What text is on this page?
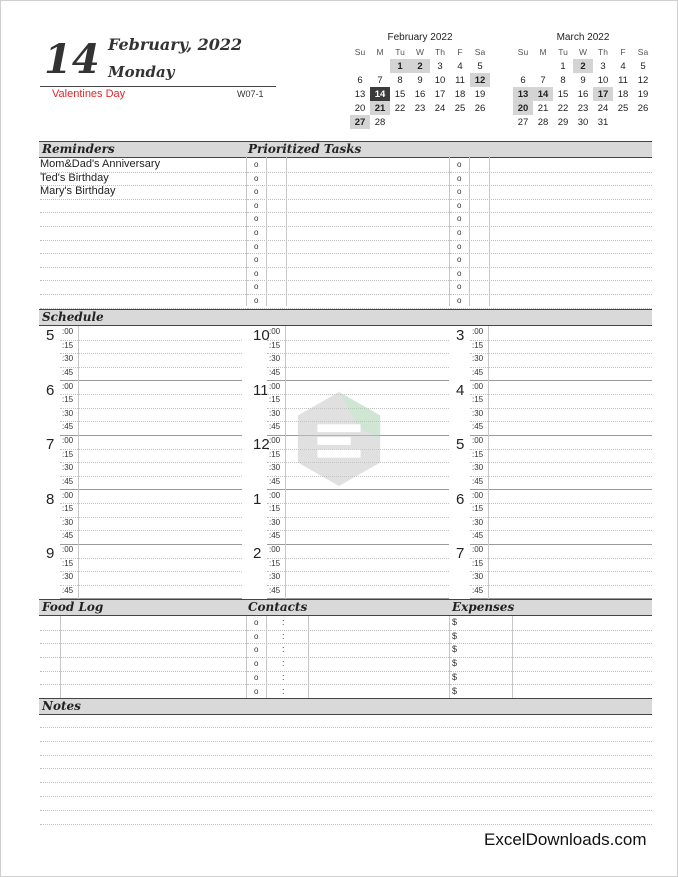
14 February, 2022
Monday
Valentines Day	W07-1
February 2022
Su	M	Tu	W	Th	F	Sa
		1	2	3	4	5
6	7	8	9	10	11	12
13	14	15	16	17	18	19
20	21	22	23	24	25	26
27	28					
March 2022
Su	M	Tu	W	Th	F	Sa
		1	2	3	4	5
6	7	8	9	10	11	12
13	14	15	16	17	18	19
20	21	22	23	24	25	26
27	28	29	30	31		
Reminders	Prioritized Tasks
Mom&Dad's Anniversary	o	o
Ted's Birthday	o	o
Mary's Birthday	o	o
o	o
o	o
o	o
o	o
o	o
o	o
o	o
o	o
Schedule
5 :00
:15
:30
:45
6 :00
:15
:30
:45
7 :00
:15
:30
:45
8 :00
:15
:30
:45
9 :00
:15
:30
:45
10 :00
:15
:30
:45
11 :00
:15
:30
:45
12 :00
:15
:30
:45
1 :00
:15
:30
:45
2 :00
:15
:30
:45
3 :00
:15
:30
:45
4 :00
:15
:30
:45
5 :00
:15
:30
:45
6 :00
:15
:30
:45
7 :00
:15
:30
:45
Food Log	Contacts	Expenses
o	:	$
o	:	$
o	:	$
o	:	$
o	:	$
o	:	$
Notes
ExcelDownloads.com
